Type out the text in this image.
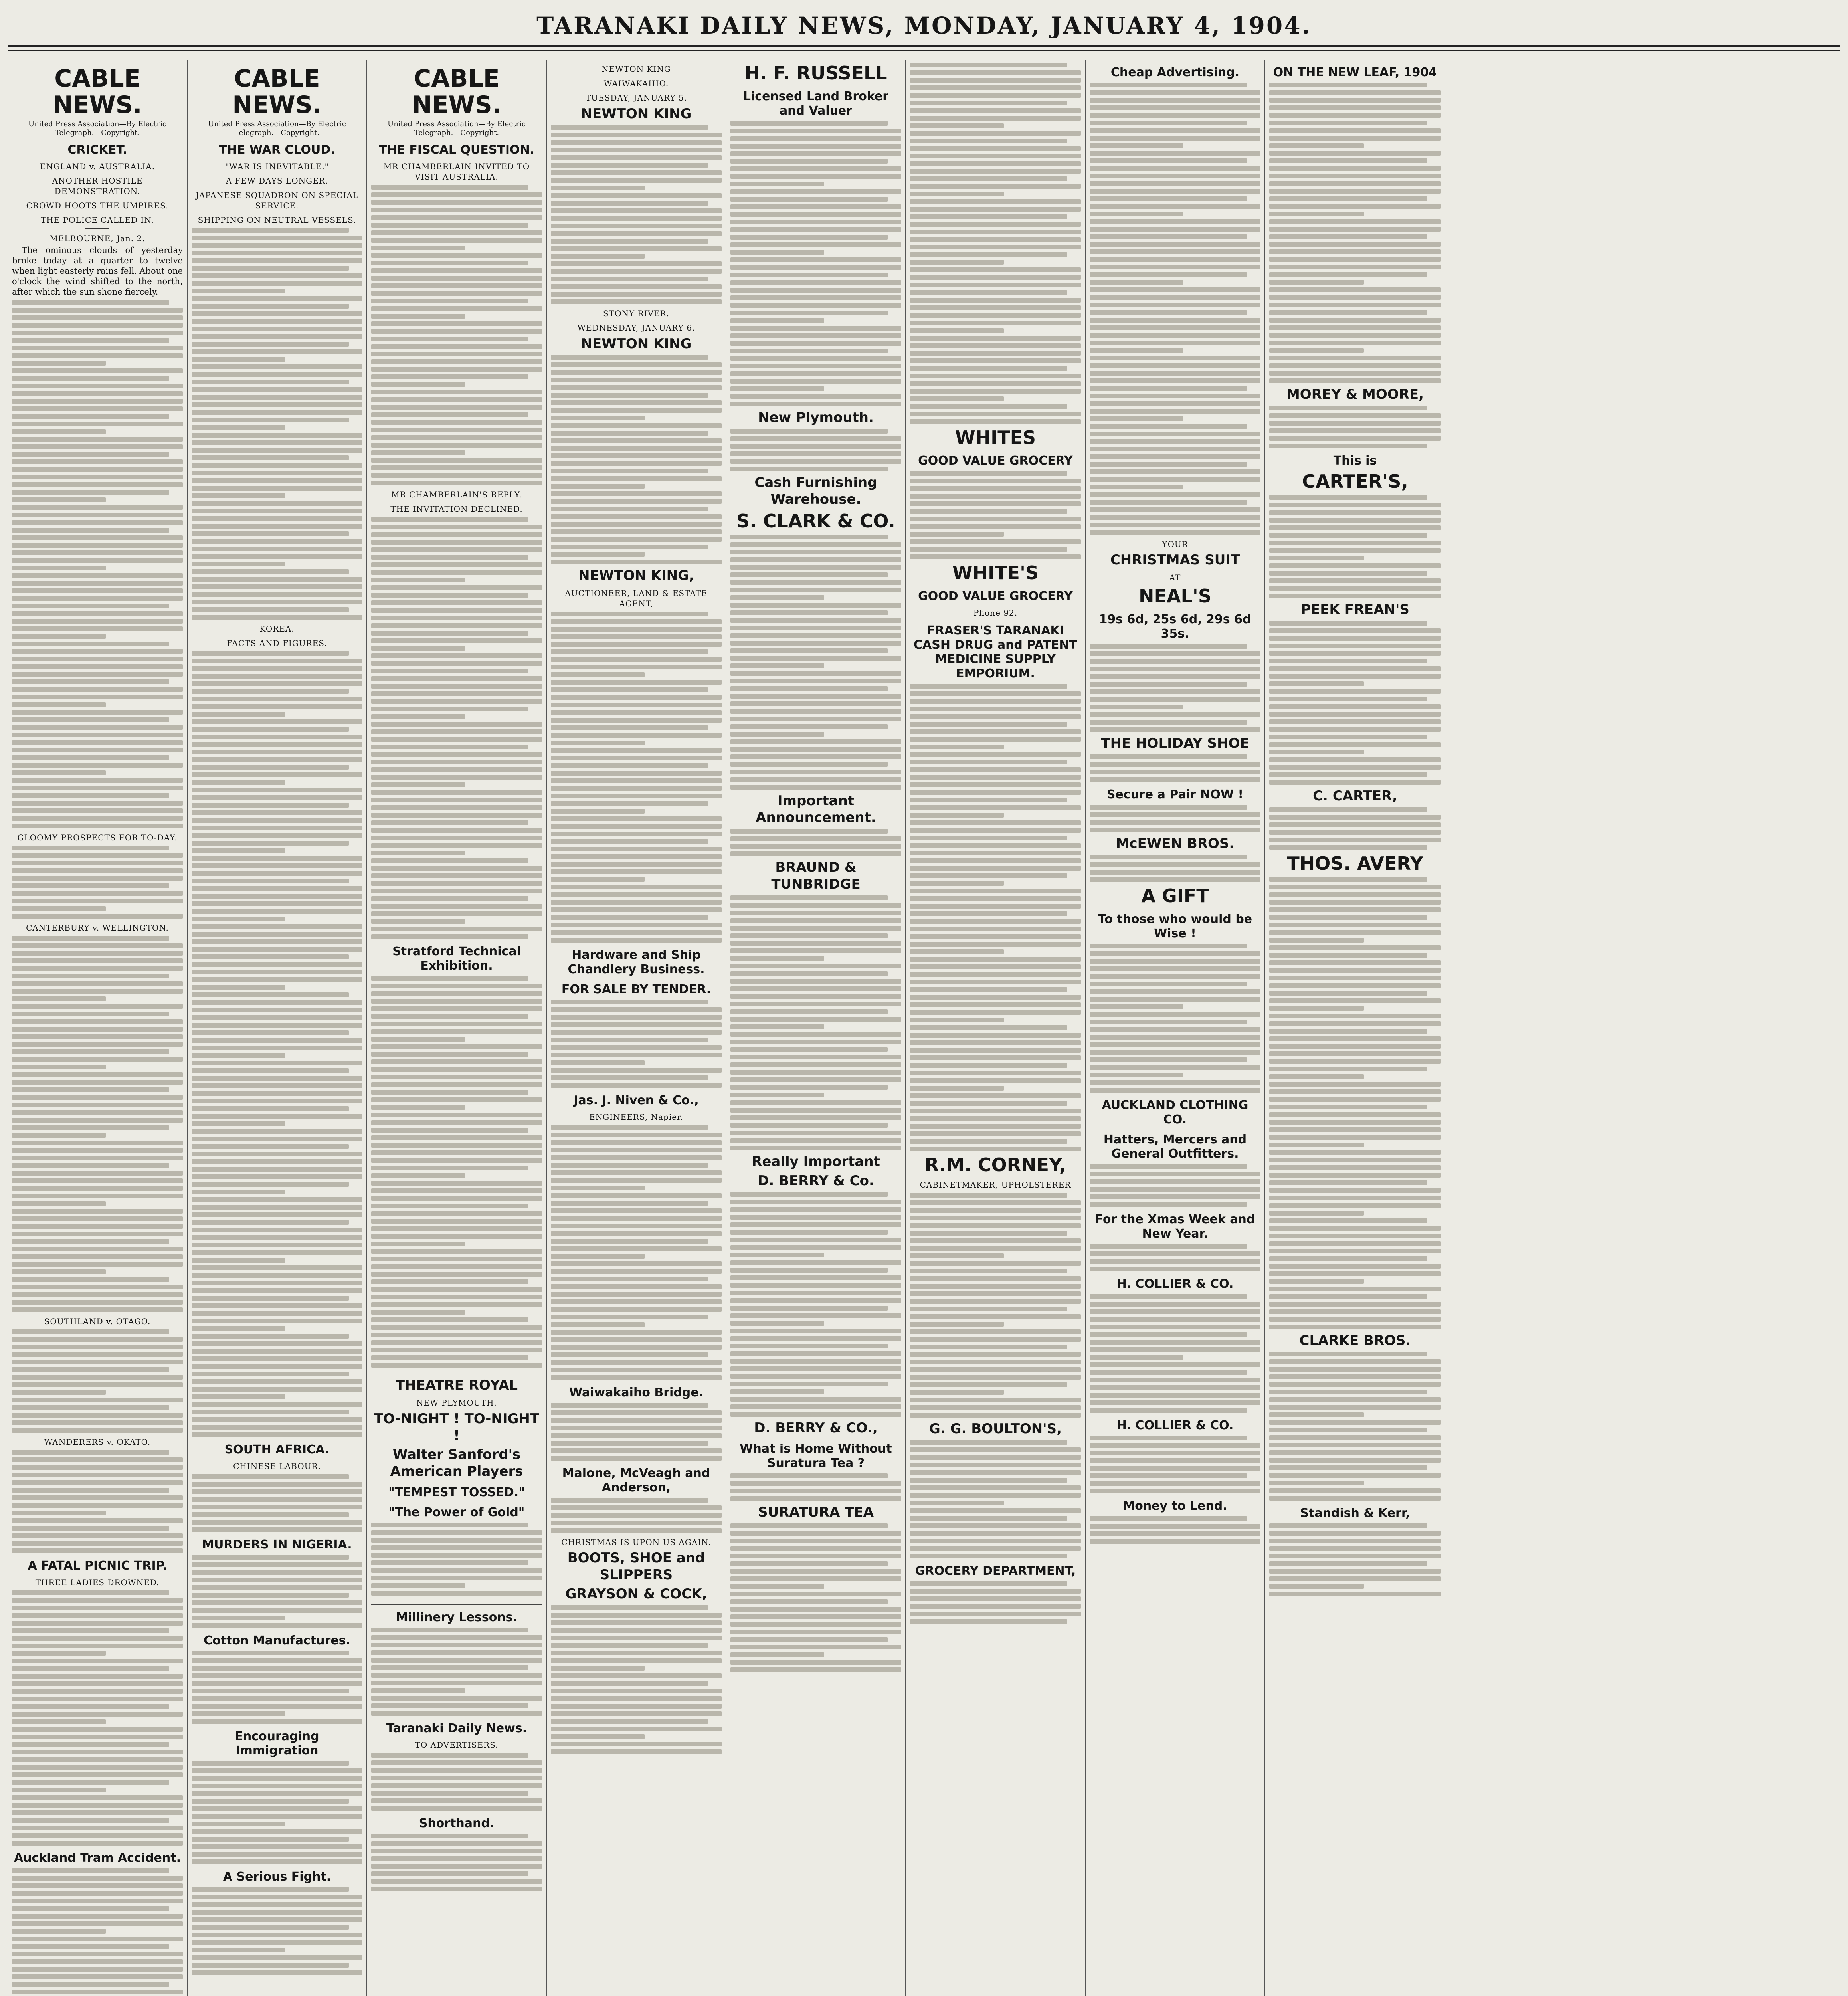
TARANAKI DAILY NEWS, MONDAY, JANUARY 4, 1904.
CABLE NEWS.
United Press Association—By Electric Telegraph.—Copyright.
CRICKET.
ENGLAND v. AUSTRALIA.
ANOTHER HOSTILE DEMONSTRATION.
CROWD HOOTS THE UMPIRES.
THE POLICE CALLED IN.
MELBOURNE, Jan. 2.

The ominous clouds of yesterday broke today at a quarter to twelve when light easterly rains fell. About one o'clock the wind shifted to the north, after which the sun shone fiercely.

GLOOMY PROSPECTS FOR TO-DAY.
CANTERBURY v. WELLINGTON.
SOUTHLAND v. OTAGO.
WANDERERS v. OKATO.
A FATAL PICNIC TRIP.
THREE LADIES DROWNED.
Auckland Tram Accident.
CABLE NEWS.
United Press Association—By Electric Telegraph.—Copyright.
THE WAR CLOUD.
"WAR IS INEVITABLE."
A FEW DAYS LONGER.
JAPANESE SQUADRON ON SPECIAL SERVICE.
SHIPPING ON NEUTRAL VESSELS.
KOREA.
FACTS AND FIGURES.
SOUTH AFRICA.
CHINESE LABOUR.
MURDERS IN NIGERIA.
Cotton Manufactures.
Encouraging Immigration
A Serious Fight.
CABLE NEWS.
United Press Association—By Electric Telegraph.—Copyright.
THE FISCAL QUESTION.
MR CHAMBERLAIN INVITED TO VISIT AUSTRALIA.
MR CHAMBERLAIN'S REPLY.
THE INVITATION DECLINED.
Stratford Technical Exhibition.
THEATRE ROYAL
NEW PLYMOUTH.
TO-NIGHT ! TO-NIGHT !
Walter Sanford's American Players
"TEMPEST TOSSED."
"The Power of Gold"
Millinery Lessons.
Taranaki Daily News.
TO ADVERTISERS.
Shorthand.
NEWTON KING
WAIWAKAIHO.
TUESDAY, JANUARY 5.
NEWTON KING
STONY RIVER.
WEDNESDAY, JANUARY 6.
NEWTON KING
NEWTON KING,
AUCTIONEER, LAND & ESTATE AGENT,
Hardware and Ship Chandlery Business.
FOR SALE BY TENDER.
Jas. J. Niven & Co.,
ENGINEERS, Napier.
Waiwakaiho Bridge.
Malone, McVeagh and Anderson,
CHRISTMAS IS UPON US AGAIN.
BOOTS, SHOE and SLIPPERS
GRAYSON & COCK,
H. F. RUSSELL
Licensed Land Broker and Valuer
New Plymouth.
Cash Furnishing Warehouse.
S. CLARK & CO.
Important Announcement.
BRAUND & TUNBRIDGE
Really Important
D. BERRY & Co.
D. BERRY & CO.,
What is Home Without Suratura Tea ?
SURATURA TEA
WHITES
GOOD VALUE GROCERY
WHITE'S
GOOD VALUE GROCERY
Phone 92.
FRASER'S TARANAKI CASH DRUG and PATENT MEDICINE SUPPLY EMPORIUM.
R.M. CORNEY,
CABINETMAKER, UPHOLSTERER
G. G. BOULTON'S,
GROCERY DEPARTMENT,
Cheap Advertising.
YOUR
CHRISTMAS SUIT
AT
NEAL'S
19s 6d, 25s 6d, 29s 6d 35s.
THE HOLIDAY SHOE
Secure a Pair NOW !
McEWEN BROS.
A GIFT
To those who would be Wise !
AUCKLAND CLOTHING CO.
Hatters, Mercers and General Outfitters.
For the Xmas Week and New Year.
H. COLLIER & CO.
H. COLLIER & CO.
Money to Lend.
ON THE NEW LEAF, 1904
MOREY & MOORE,
This is
CARTER'S,
PEEK FREAN'S
C. CARTER,
THOS. AVERY
CLARKE BROS.
Standish & Kerr,
